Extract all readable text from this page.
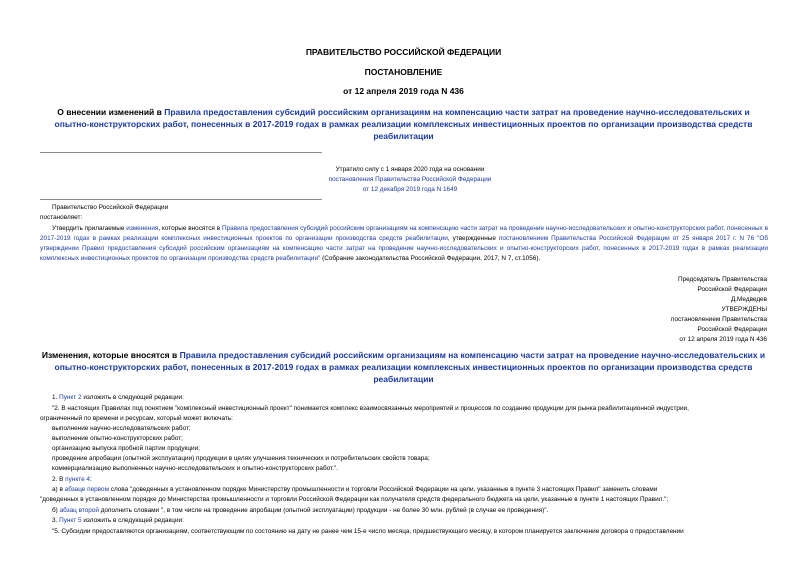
ПРАВИТЕЛЬСТВО РОССИЙСКОЙ ФЕДЕРАЦИИ
ПОСТАНОВЛЕНИЕ
от 12 апреля 2019 года N 436
О внесении изменений в Правила предоставления субсидий российским организациям на компенсацию части затрат на проведение научно-исследовательских и опытно-конструкторских работ, понесенных в 2017-2019 годах в рамках реализации комплексных инвестиционных проектов по организации производства средств реабилитации
Утратило силу с 1 января 2020 года на основании
постановления Правительства Российской Федерации
от 12 декабря 2019 года N 1649
Правительство Российской Федерации
постановляет:
Утвердить прилагаемые изменения, которые вносятся в Правила предоставления субсидий российским организациям на компенсацию части затрат на проведение научно-исследовательских и опытно-конструкторских работ, понесенных в 2017-2019 годах в рамках реализации комплексных инвестиционных проектов по организации производства средств реабилитации, утвержденные постановлением Правительства Российской Федерации от 25 января 2017 г. N 76 "Об утверждении Правил предоставления субсидий российским организациям на компенсацию части затрат на проведение научно-исследовательских и опытно-конструкторских работ, понесенных в 2017-2019 годах в рамках реализации комплексных инвестиционных проектов по организации производства средств реабилитации" (Собрание законодательства Российской Федерации, 2017, N 7, ст.1056).
Председатель Правительства
Российской Федерации
Д.Медведев
УТВЕРЖДЕНЫ
постановлением Правительства
Российской Федерации
от 12 апреля 2019 года N 436
Изменения, которые вносятся в Правила предоставления субсидий российским организациям на компенсацию части затрат на проведение научно-исследовательских и опытно-конструкторских работ, понесенных в 2017-2019 годах в рамках реализации комплексных инвестиционных проектов по организации производства средств реабилитации
1. Пункт 2 изложить в следующей редакции:
"2. В настоящих Правилах под понятием "комплексный инвестиционный проект" понимается комплекс взаимосвязанных мероприятий и процессов по созданию продукции для рынка реабилитационной индустрии,
ограниченный по времени и ресурсам, который может включать:
выполнение научно-исследовательских работ;
выполнение опытно-конструкторских работ;
организацию выпуска пробной партии продукции;
проведение апробации (опытной эксплуатации) продукции в целях улучшения технических и потребительских свойств товара;
коммерциализацию выполненных научно-исследовательских и опытно-конструкторских работ.".
2. В пункте 4:
а) в абзаце первом слова "доведенных в установленном порядке Министерству промышленности и торговли Российской Федерации на цели, указанные в пункте 3 настоящих Правил" заменить словами
"доведенных в установленном порядке до Министерства промышленности и торговли Российской Федерации как получателя средств федерального бюджета на цели, указанные в пункте 1 настоящих Правил.";
б) абзац второй дополнить словами ", в том числе на проведение апробации (опытной эксплуатации) продукции - не более 30 млн. рублей (в случае ее проведения)".
3. Пункт 5 изложить в следующей редакции:
"5. Субсидии предоставляются организациям, соответствующим по состоянию на дату не ранее чем 15-е число месяца, предшествующего месяцу, в котором планируется заключение договора о предоставлении
